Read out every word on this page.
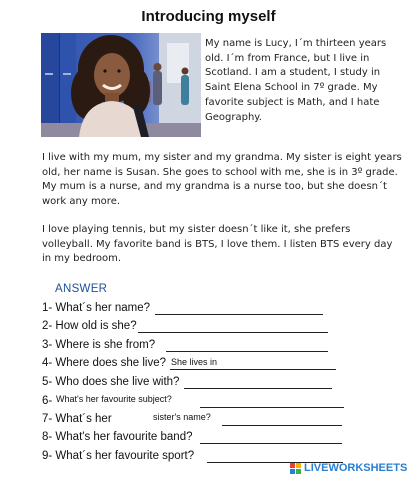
Introducing myself
My name is Lucy, I´m thirteen years old. I´m from France, but I live in Scotland. I am a student, I study in Saint Elena School in 7º grade. My favorite subject is Math, and I hate Geography.
I live with my mum, my sister and my grandma. My sister is eight years old, her name is Susan. She goes to school with me, she is in 3º grade. My mum is a nurse, and my grandma is a nurse too, but she doesn´t work any more.
I love playing tennis, but my sister doesn´t like it, she prefers volleyball. My favorite band is BTS, I love them. I listen BTS every day in my bedroom.
ANSWER
1- What´s her name?
2- How old is she?
3- Where is she from?
4- Where does she live? She lives in
5- Who does she live with?
6- What's her favourite subject?
7- What´s her	sister's name?
8- What's her favourite band?
9- What´s her favourite sport?
LIVEWORKSHEETS
